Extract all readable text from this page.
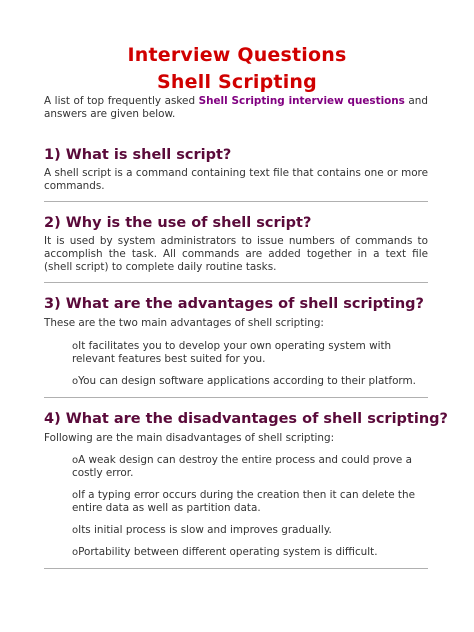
Interview Questions
Shell Scripting
A list of top frequently asked Shell Scripting interview questions and answers are given below.
1) What is shell script?
A shell script is a command containing text file that contains one or more commands.
2) Why is the use of shell script?
It is used by system administrators to issue numbers of commands to accomplish the task. All commands are added together in a text file (shell script) to complete daily routine tasks.
3) What are the advantages of shell scripting?
These are the two main advantages of shell scripting:
oIt facilitates you to develop your own operating system with relevant features best suited for you.
oYou can design software applications according to their platform.
4) What are the disadvantages of shell scripting?
Following are the main disadvantages of shell scripting:
oA weak design can destroy the entire process and could prove a costly error.
oIf a typing error occurs during the creation then it can delete the entire data as well as partition data.
oIts initial process is slow and improves gradually.
oPortability between different operating system is difficult.
